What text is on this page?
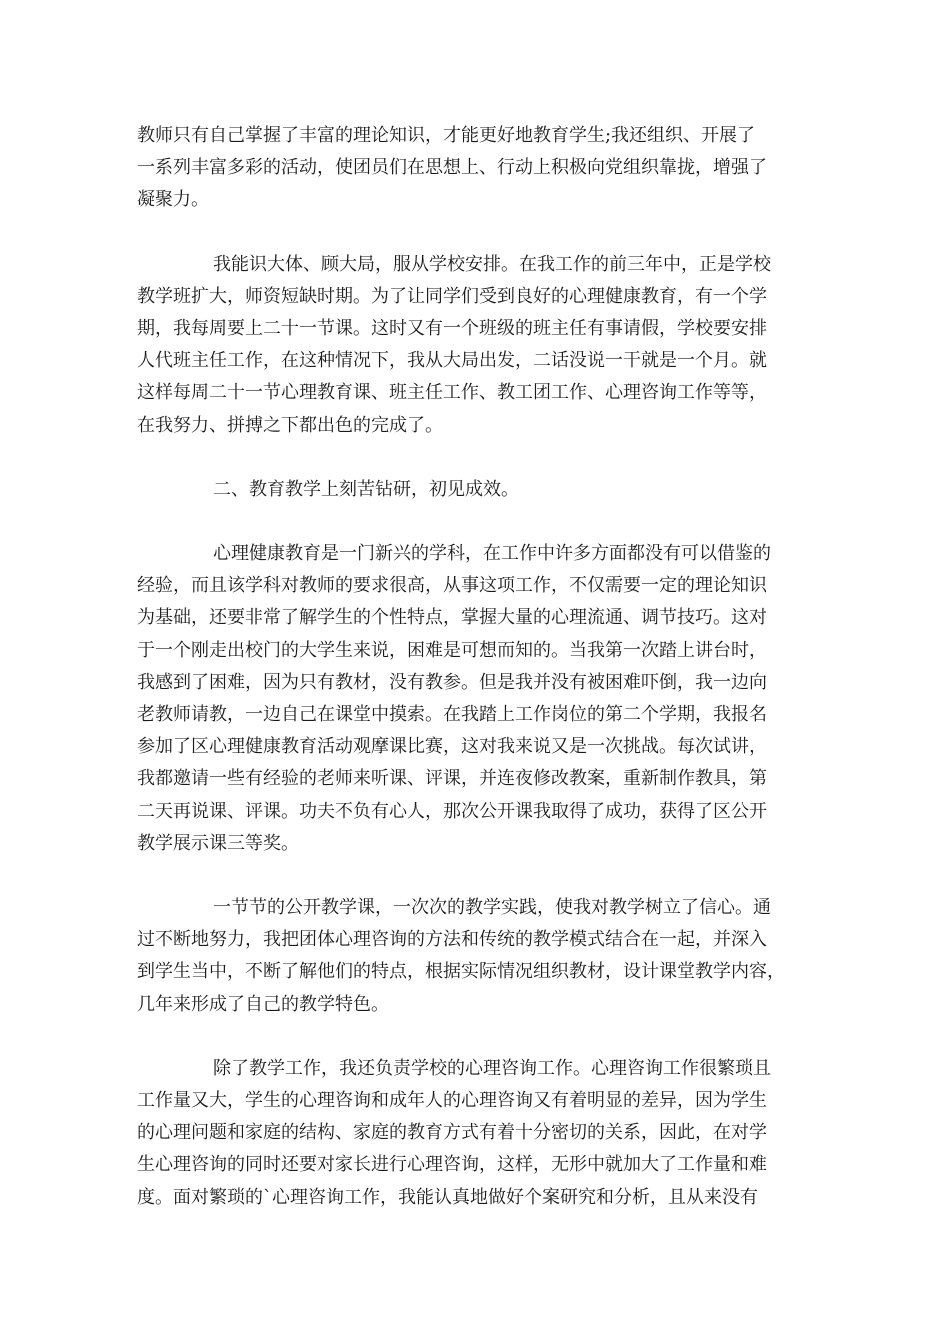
教师只有自己掌握了丰富的理论知识，才能更好地教育学生;我还组织、开展了
一系列丰富多彩的活动，使团员们在思想上、行动上积极向党组织靠拢，增强了
凝聚力。

我能识大体、顾大局，服从学校安排。在我工作的前三年中，正是学校
教学班扩大，师资短缺时期。为了让同学们受到良好的心理健康教育，有一个学
期，我每周要上二十一节课。这时又有一个班级的班主任有事请假，学校要安排
人代班主任工作，在这种情况下，我从大局出发，二话没说一干就是一个月。就
这样每周二十一节心理教育课、班主任工作、教工团工作、心理咨询工作等等，
在我努力、拼搏之下都出色的完成了。

二、教育教学上刻苦钻研，初见成效。

心理健康教育是一门新兴的学科，在工作中许多方面都没有可以借鉴的
经验，而且该学科对教师的要求很高，从事这项工作，不仅需要一定的理论知识
为基础，还要非常了解学生的个性特点，掌握大量的心理流通、调节技巧。这对
于一个刚走出校门的大学生来说，困难是可想而知的。当我第一次踏上讲台时，
我感到了困难，因为只有教材，没有教参。但是我并没有被困难吓倒，我一边向
老教师请教，一边自己在课堂中摸索。在我踏上工作岗位的第二个学期，我报名
参加了区心理健康教育活动观摩课比赛，这对我来说又是一次挑战。每次试讲，
我都邀请一些有经验的老师来听课、评课，并连夜修改教案，重新制作教具，第
二天再说课、评课。功夫不负有心人，那次公开课我取得了成功，获得了区公开
教学展示课三等奖。

一节节的公开教学课，一次次的教学实践，使我对教学树立了信心。通
过不断地努力，我把团体心理咨询的方法和传统的教学模式结合在一起，并深入
到学生当中，不断了解他们的特点，根据实际情况组织教材，设计课堂教学内容，
几年来形成了自己的教学特色。

除了教学工作，我还负责学校的心理咨询工作。心理咨询工作很繁琐且
工作量又大，学生的心理咨询和成年人的心理咨询又有着明显的差异，因为学生
的心理问题和家庭的结构、家庭的教育方式有着十分密切的关系，因此，在对学
生心理咨询的同时还要对家长进行心理咨询，这样，无形中就加大了工作量和难
度。面对繁琐的`心理咨询工作，我能认真地做好个案研究和分析，且从来没有
